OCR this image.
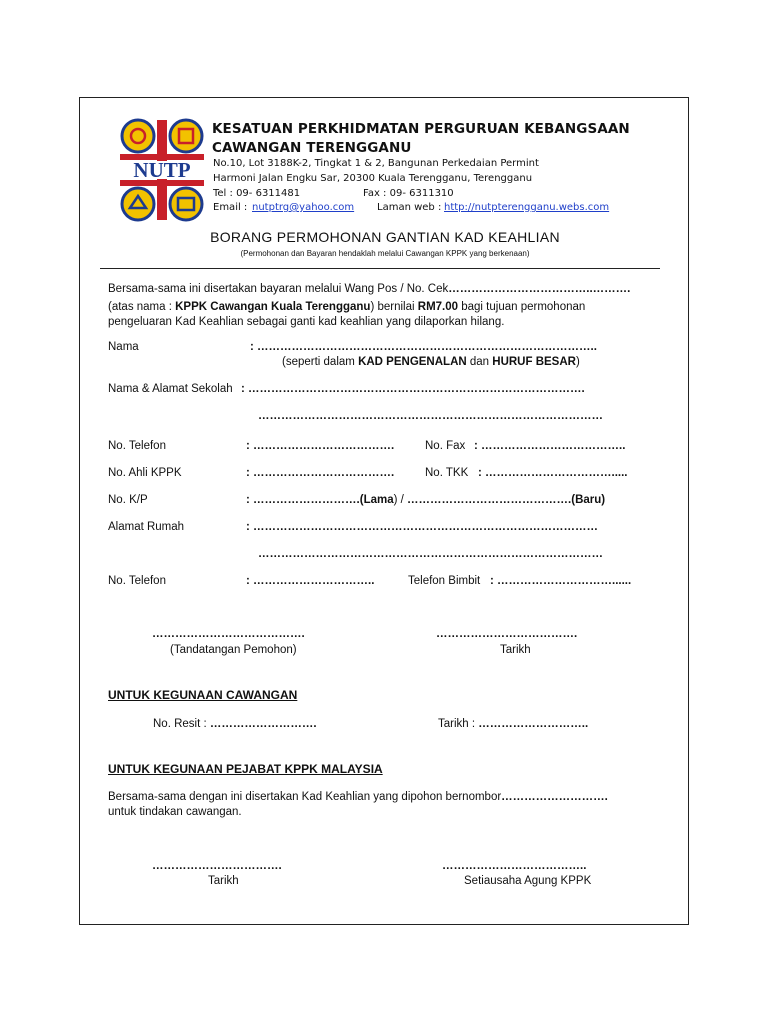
NUTP
KESATUAN PERKHIDMATAN PERGURUAN KEBANGSAAN
CAWANGAN TERENGGANU
No.10, Lot 3188K-2, Tingkat 1 & 2, Bangunan Perkedaian Permint
Harmoni Jalan Engku Sar, 20300 Kuala Terengganu, Terengganu
Tel : 09- 6311481	Fax : 09- 6311310
Email : nutptrg@yahoo.com Laman web : http://nutpterengganu.webs.com
BORANG PERMOHONAN GANTIAN KAD KEAHLIAN
(Permohonan dan Bayaran hendaklah melalui Cawangan KPPK yang berkenaan)
Bersama-sama ini disertakan bayaran melalui Wang Pos / No. Cek………………………………..……….
(atas nama : KPPK Cawangan Kuala Terengganu) bernilai RM7.00 bagi tujuan permohonan
pengeluaran Kad Keahlian sebagai ganti kad keahlian yang dilaporkan hilang.
Nama	: ……………………………………………………………………………..
(seperti dalam KAD PENGENALAN dan HURUF BESAR)
Nama & Alamat Sekolah : …………………………………………………………………………….
………………………………………………………………………………
No. Telefon	: ……………………………….	No. Fax : ………………………………..
No. Ahli KPPK	: ……………………………….	No. TKK : …………………………….....
No. K/P	: ……………………….(Lama) / …………………………………….(Baru)
Alamat Rumah	: ………………………………………………………………………………
………………………………………………………………………………
No. Telefon	: …………………………..	Telefon Bimbit : …………………………......
………………………………….
(Tandatangan Pemohon)
……………………………….
Tarikh
UNTUK KEGUNAAN CAWANGAN
No. Resit : ……………………….	Tarikh : ………………………..
UNTUK KEGUNAAN PEJABAT KPPK MALAYSIA
Bersama-sama dengan ini disertakan Kad Keahlian yang dipohon bernombor……………………….
untuk tindakan cawangan.
…………………………….
Tarikh
………………………………..
Setiausaha Agung KPPK
